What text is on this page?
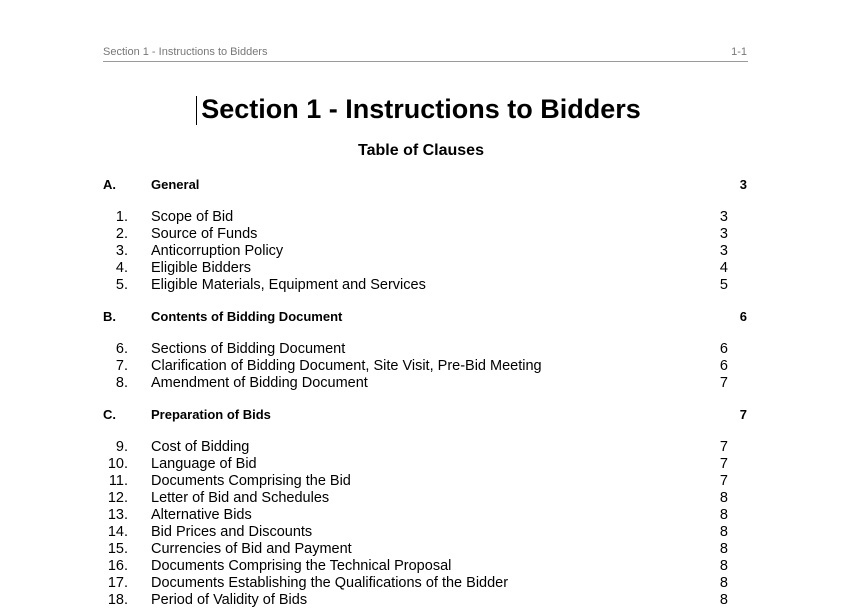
Section 1 - Instructions to Bidders	1-1
Section 1 - Instructions to Bidders
Table of Clauses
A.	General	3
1. Scope of Bid	3
2. Source of Funds	3
3. Anticorruption Policy	3
4. Eligible Bidders	4
5. Eligible Materials, Equipment and Services	5
B.	Contents of Bidding Document	6
6. Sections of Bidding Document	6
7. Clarification of Bidding Document, Site Visit, Pre-Bid Meeting	6
8. Amendment of Bidding Document	7
C.	Preparation of Bids	7
9. Cost of Bidding	7
10. Language of Bid	7
11. Documents Comprising the Bid	7
12. Letter of Bid and Schedules	8
13. Alternative Bids	8
14. Bid Prices and Discounts	8
15. Currencies of Bid and Payment	8
16. Documents Comprising the Technical Proposal	8
17. Documents Establishing the Qualifications of the Bidder	8
18. Period of Validity of Bids	8
